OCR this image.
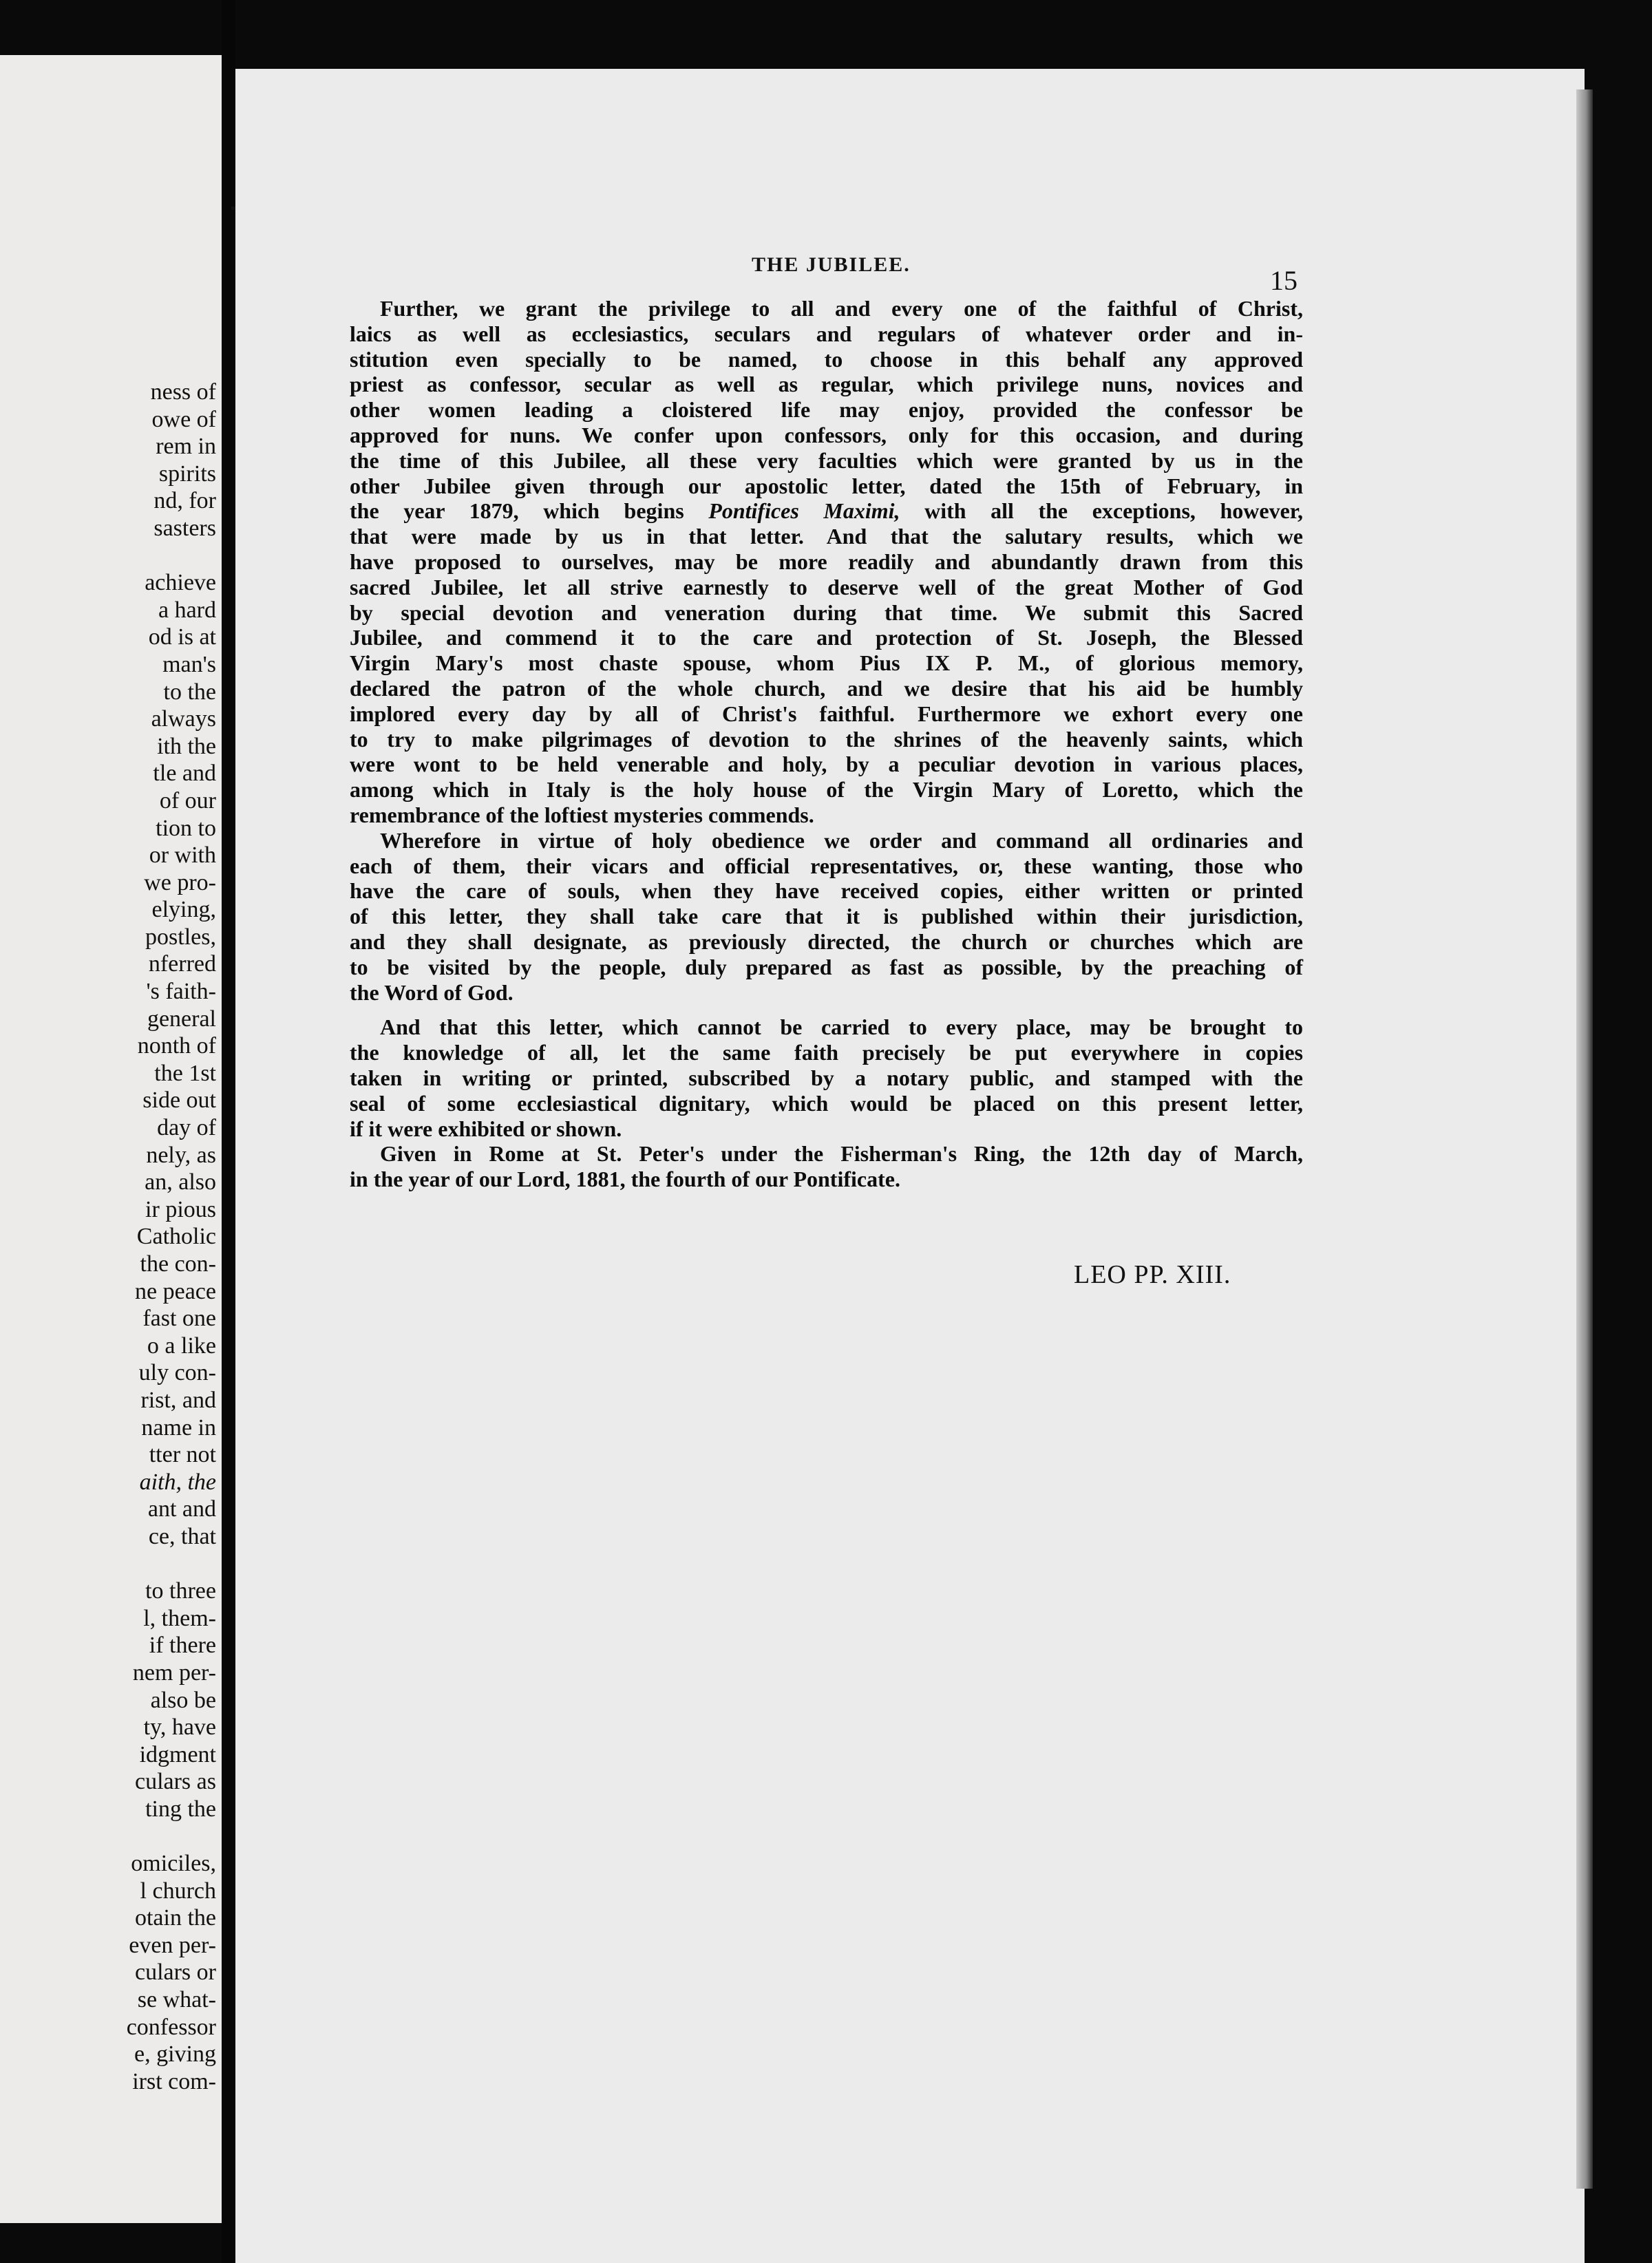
ness of
owe of
rem in
spirits
nd, for
sasters
achieve
a hard
od is at
man's
to the
always
ith the
tle and
of our
tion to
or with
we pro-
elying,
postles,
nferred
's faith-
general
nonth of
the 1st
side out
day of
nely, as
an, also
ir pious
Catholic
the con-
ne peace
fast one
o a like
uly con-
rist, and
name in
tter not
aith, the
ant and
ce, that
to three
l, them-
if there
nem per-
also be
ty, have
idgment
culars as
ting the
omiciles,
l church
otain the
even per-
culars or
se what-
confessor
e, giving
irst com-
THE JUBILEE.
15
Further, we grant the privilege to all and every one of the faithful of Christ,
laics as well as ecclesiastics, seculars and regulars of whatever order and in-
stitution even specially to be named, to choose in this behalf any approved
priest as confessor, secular as well as regular, which privilege nuns, novices and
other women leading a cloistered life may enjoy, provided the confessor be
approved for nuns. We confer upon confessors, only for this occasion, and during
the time of this Jubilee, all these very faculties which were granted by us in the
other Jubilee given through our apostolic letter, dated the 15th of February, in
the year 1879, which begins Pontifices Maximi, with all the exceptions, however,
that were made by us in that letter. And that the salutary results, which we
have proposed to ourselves, may be more readily and abundantly drawn from this
sacred Jubilee, let all strive earnestly to deserve well of the great Mother of God
by special devotion and veneration during that time. We submit this Sacred
Jubilee, and commend it to the care and protection of St. Joseph, the Blessed
Virgin Mary's most chaste spouse, whom Pius IX P. M., of glorious memory,
declared the patron of the whole church, and we desire that his aid be humbly
implored every day by all of Christ's faithful. Furthermore we exhort every one
to try to make pilgrimages of devotion to the shrines of the heavenly saints, which
were wont to be held venerable and holy, by a peculiar devotion in various places,
among which in Italy is the holy house of the Virgin Mary of Loretto, which the
remembrance of the loftiest mysteries commends.
Wherefore in virtue of holy obedience we order and command all ordinaries and
each of them, their vicars and official representatives, or, these wanting, those who
have the care of souls, when they have received copies, either written or printed
of this letter, they shall take care that it is published within their jurisdiction,
and they shall designate, as previously directed, the church or churches which are
to be visited by the people, duly prepared as fast as possible, by the preaching of
the Word of God.
And that this letter, which cannot be carried to every place, may be brought to
the knowledge of all, let the same faith precisely be put everywhere in copies
taken in writing or printed, subscribed by a notary public, and stamped with the
seal of some ecclesiastical dignitary, which would be placed on this present letter,
if it were exhibited or shown.
Given in Rome at St. Peter's under the Fisherman's Ring, the 12th day of March,
in the year of our Lord, 1881, the fourth of our Pontificate.
LEO PP. XIII.
